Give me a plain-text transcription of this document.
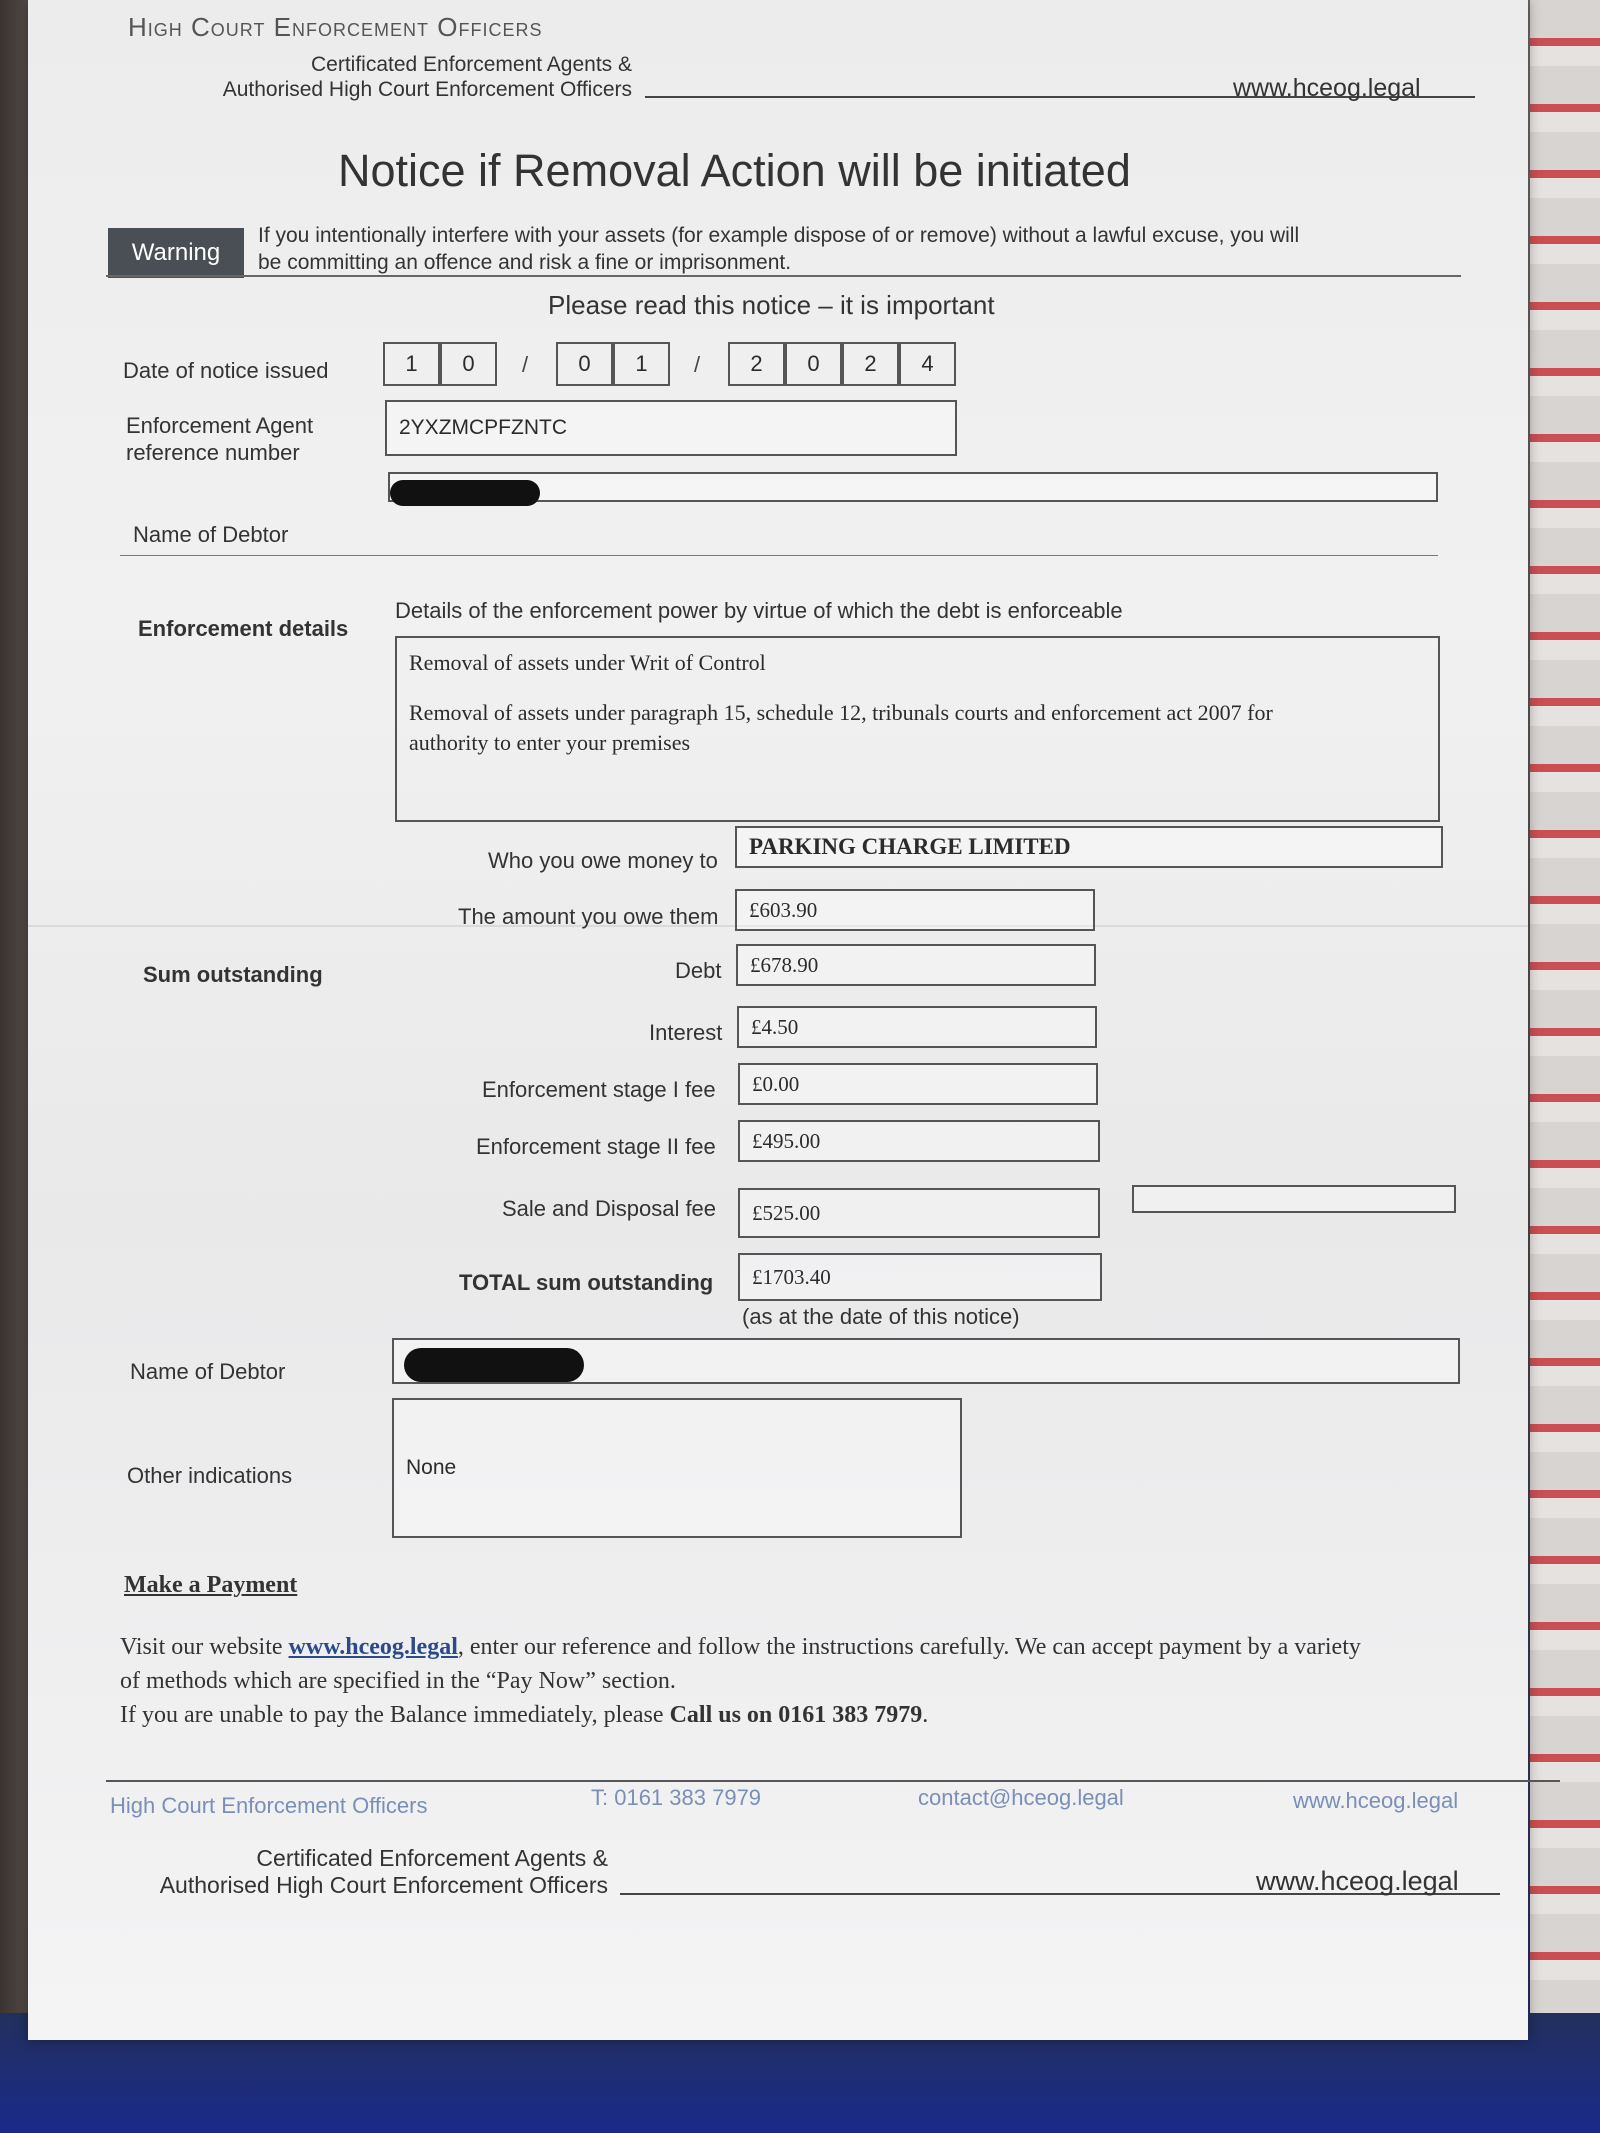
High Court Enforcement Officers
Certificated Enforcement Agents &
Authorised High Court Enforcement Officers	www.hceog.legal
Notice if Removal Action will be initiated
Warning
If you intentionally interfere with your assets (for example dispose of or remove) without a lawful excuse, you will
be committing an offence and risk a fine or imprisonment.
Please read this notice – it is important
Date of notice issued	1	0	/	0	1	/	2	0	2	4
Enforcement Agent
reference number
2YXZMCPFZNTC
Name of Debtor
Enforcement details
Details of the enforcement power by virtue of which the debt is enforceable
Removal of assets under Writ of Control
Removal of assets under paragraph 15, schedule 12, tribunals courts and enforcement act 2007 for
authority to enter your premises
Who you owe money to
PARKING CHARGE LIMITED
The amount you owe them	£603.90
Sum outstanding	Debt	£678.90
Interest	£4.50
Enforcement stage I fee	£0.00
Enforcement stage II fee	£495.00
Sale and Disposal fee	£525.00
TOTAL sum outstanding	£1703.40
(as at the date of this notice)
Name of Debtor
Other indications	None
Make a Payment
Visit our website www.hceog.legal, enter our reference and follow the instructions carefully. We can accept payment by a variety
of methods which are specified in the “Pay Now” section.
If you are unable to pay the Balance immediately, please Call us on 0161 383 7979.
High Court Enforcement Officers	T: 0161 383 7979	contact@hceog.legal	www.hceog.legal
Certificated Enforcement Agents &
Authorised High Court Enforcement Officers	www.hceog.legal
